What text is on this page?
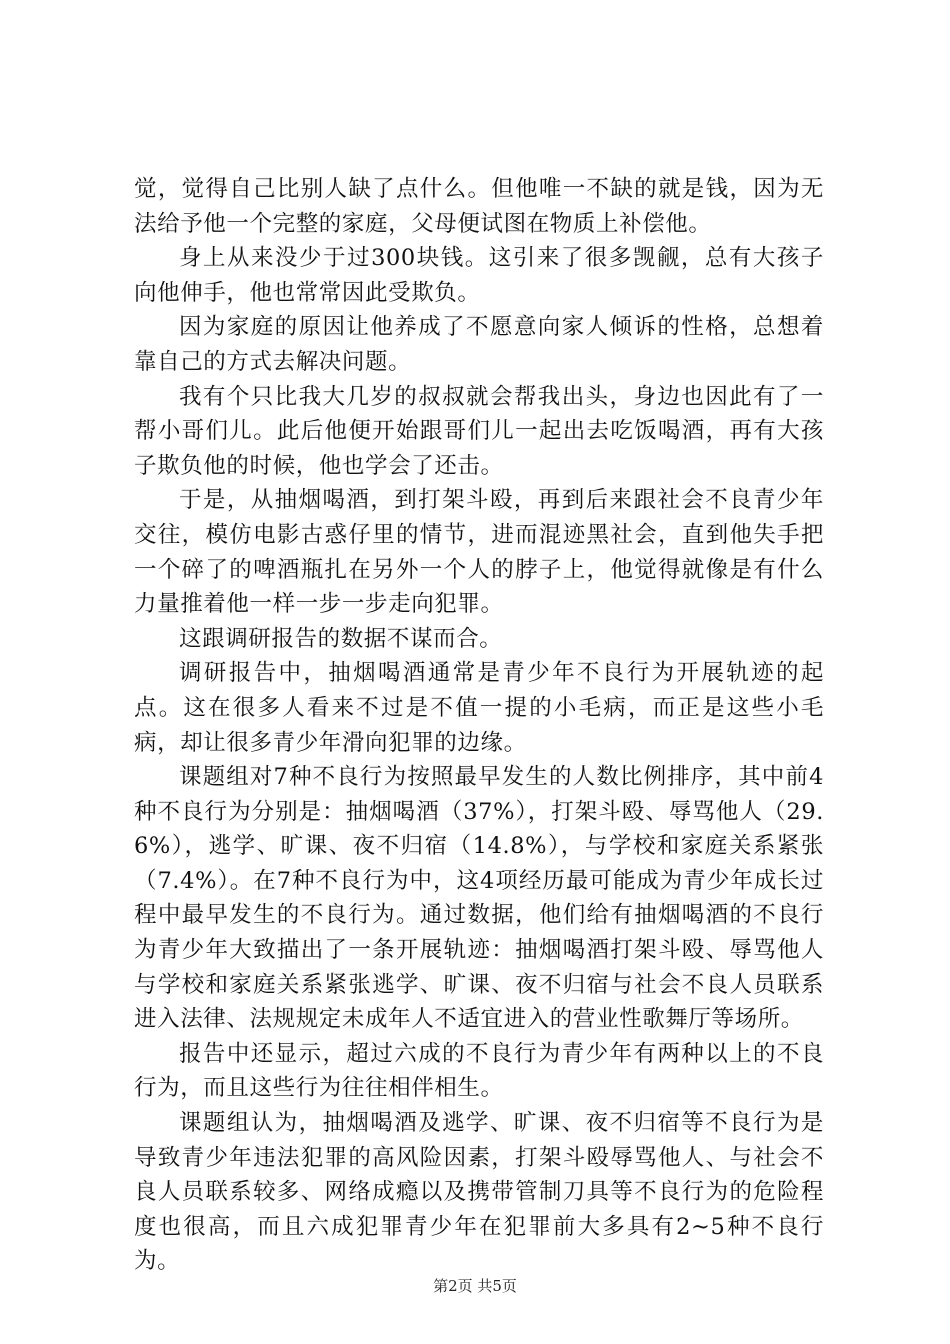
觉，觉得自己比别人缺了点什么。但他唯一不缺的就是钱，因为无法给予他一个完整的家庭，父母便试图在物质上补偿他。

身上从来没少于过300块钱。这引来了很多觊觎，总有大孩子向他伸手，他也常常因此受欺负。

因为家庭的原因让他养成了不愿意向家人倾诉的性格，总想着靠自己的方式去解决问题。

我有个只比我大几岁的叔叔就会帮我出头，身边也因此有了一帮小哥们儿。此后他便开始跟哥们儿一起出去吃饭喝酒，再有大孩子欺负他的时候，他也学会了还击。

于是，从抽烟喝酒，到打架斗殴，再到后来跟社会不良青少年交往，模仿电影古惑仔里的情节，进而混迹黑社会，直到他失手把一个碎了的啤酒瓶扎在另外一个人的脖子上，他觉得就像是有什么力量推着他一样一步一步走向犯罪。

这跟调研报告的数据不谋而合。

调研报告中，抽烟喝酒通常是青少年不良行为开展轨迹的起点。这在很多人看来不过是不值一提的小毛病，而正是这些小毛病，却让很多青少年滑向犯罪的边缘。

课题组对7种不良行为按照最早发生的人数比例排序，其中前4种不良行为分别是：抽烟喝酒（37%），打架斗殴、辱骂他人（29.6%），逃学、旷课、夜不归宿（14.8%），与学校和家庭关系紧张（7.4%）。在7种不良行为中，这4项经历最可能成为青少年成长过程中最早发生的不良行为。通过数据，他们给有抽烟喝酒的不良行为青少年大致描出了一条开展轨迹：抽烟喝酒打架斗殴、辱骂他人与学校和家庭关系紧张逃学、旷课、夜不归宿与社会不良人员联系进入法律、法规规定未成年人不适宜进入的营业性歌舞厅等场所。

报告中还显示，超过六成的不良行为青少年有两种以上的不良行为，而且这些行为往往相伴相生。

课题组认为，抽烟喝酒及逃学、旷课、夜不归宿等不良行为是导致青少年违法犯罪的高风险因素，打架斗殴辱骂他人、与社会不良人员联系较多、网络成瘾以及携带管制刀具等不良行为的危险程度也很高，而且六成犯罪青少年在犯罪前大多具有2~5种不良行为。

第2页 共5页
